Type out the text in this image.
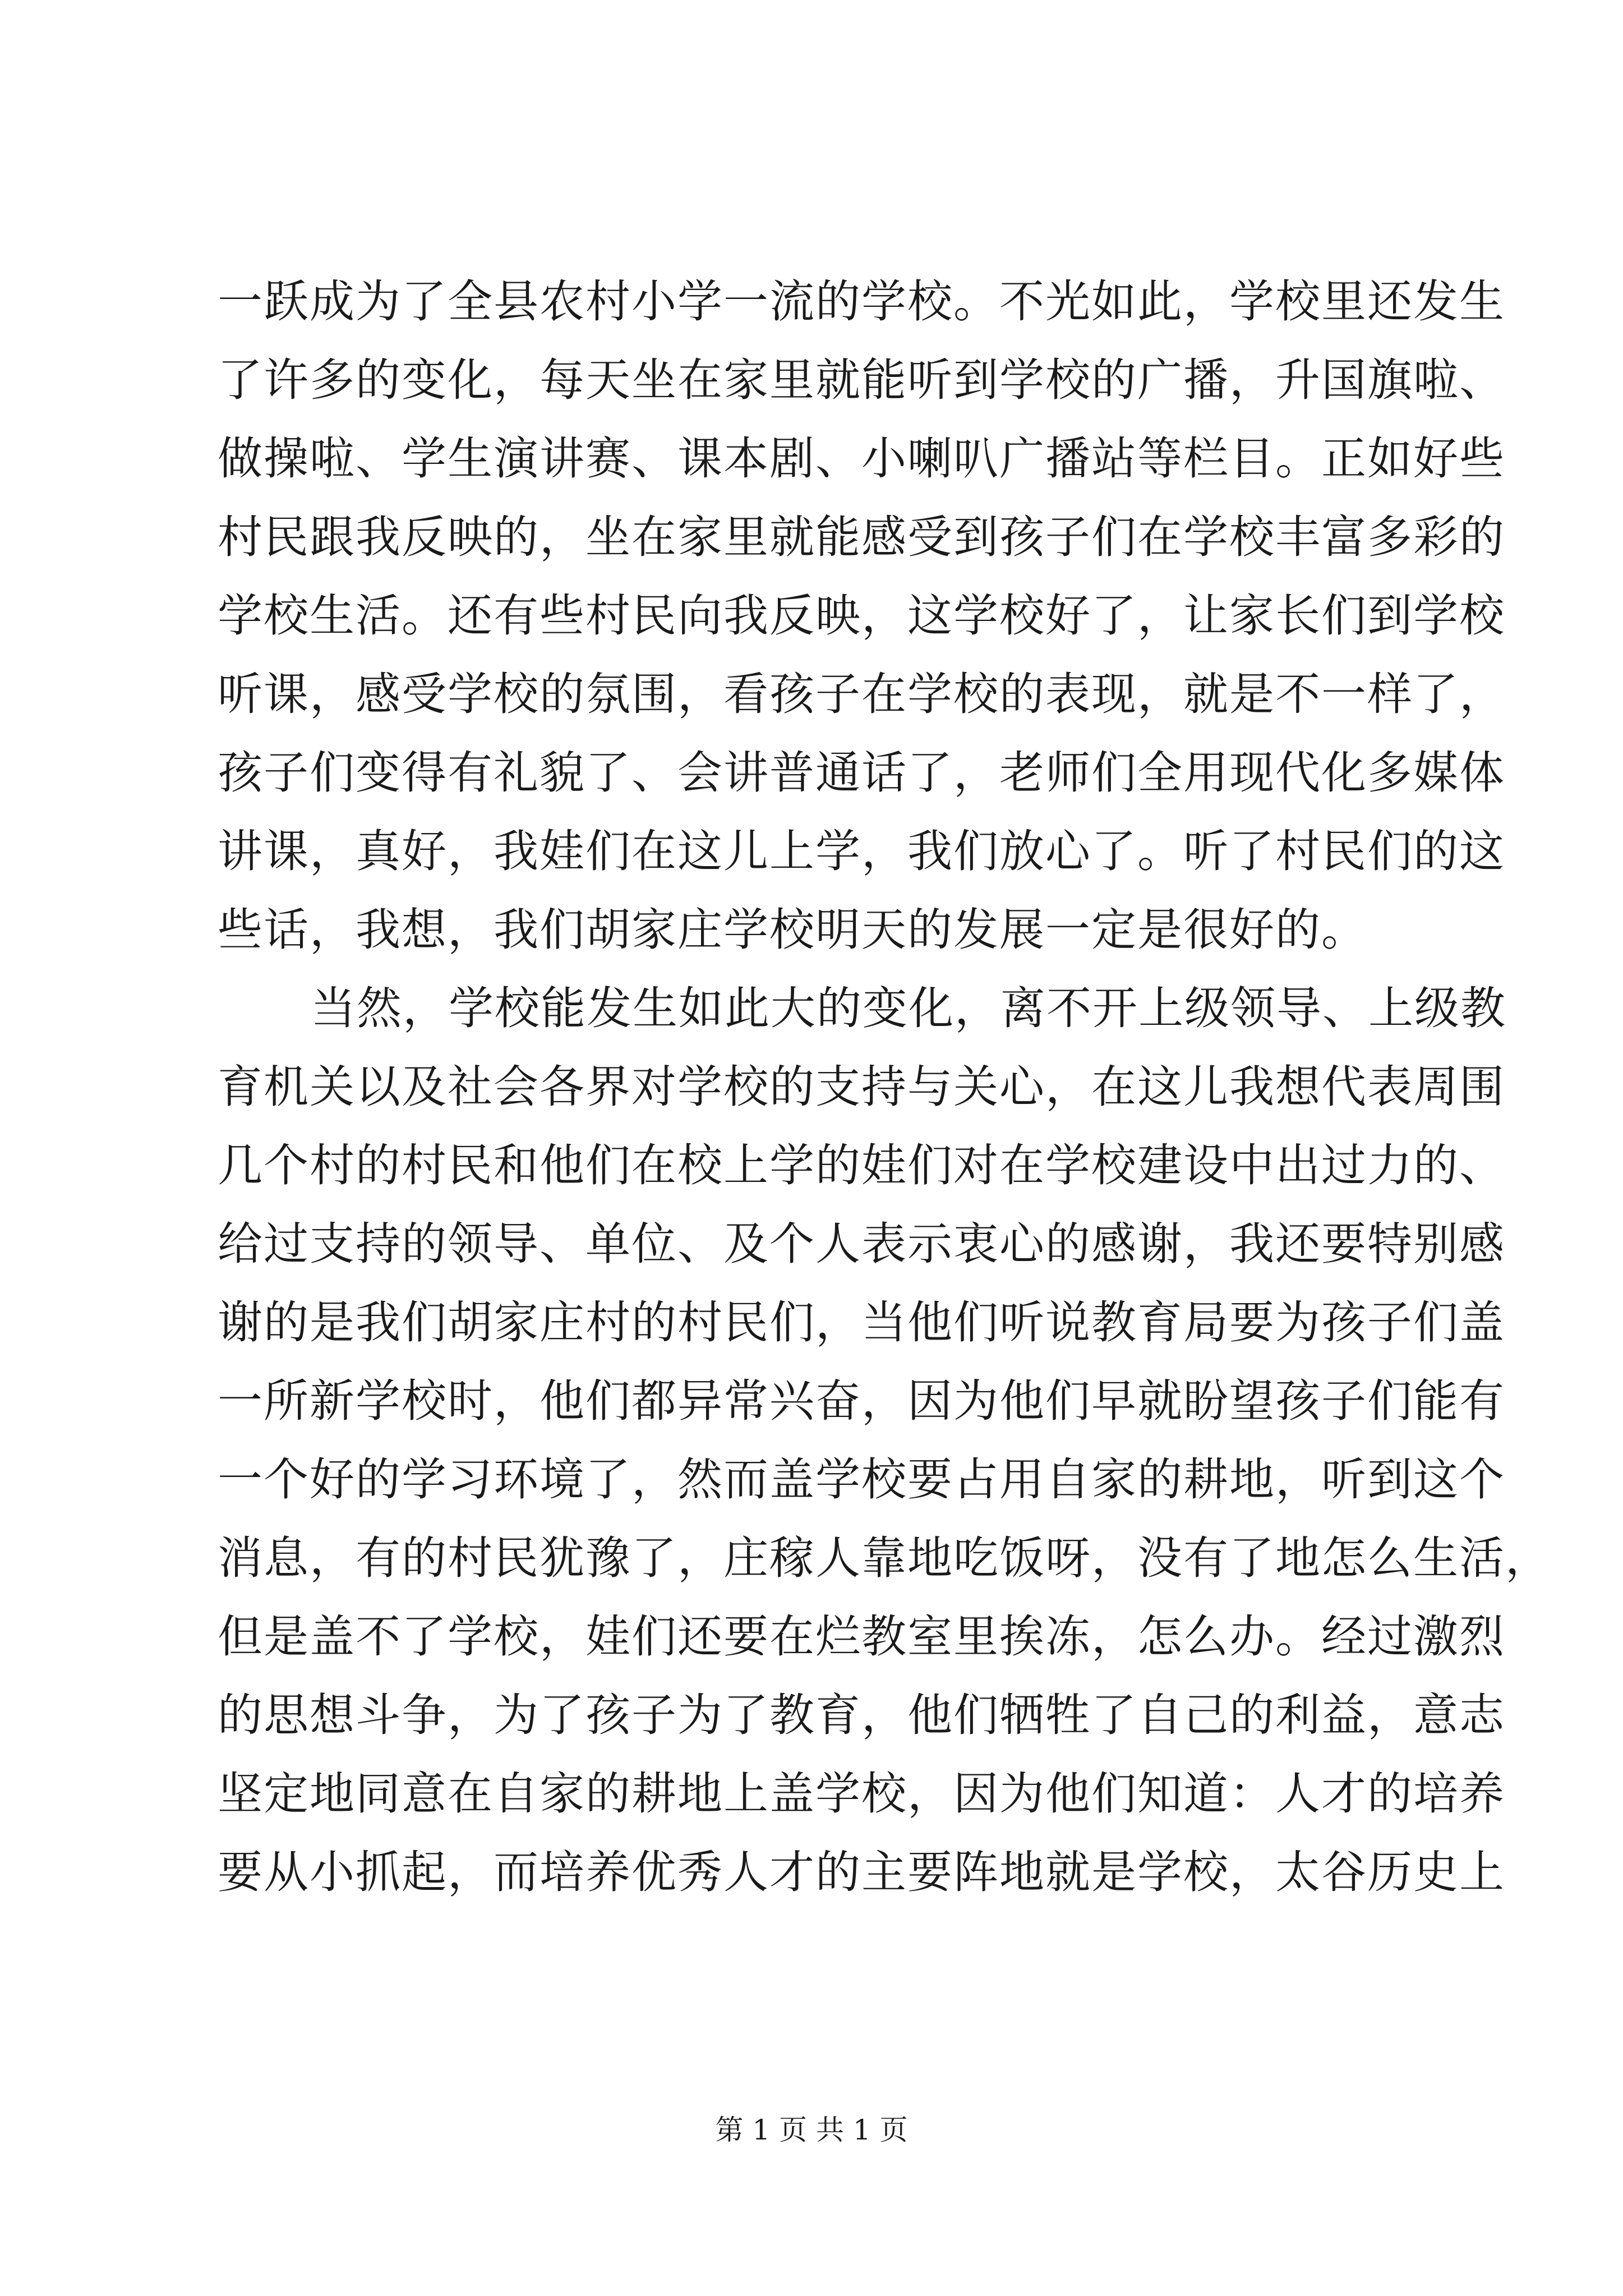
一跃成为了全县农村小学一流的学校。不光如此，学校里还发生
了许多的变化，每天坐在家里就能听到学校的广播，升国旗啦、
做操啦、学生演讲赛、课本剧、小喇叭广播站等栏目。正如好些
村民跟我反映的，坐在家里就能感受到孩子们在学校丰富多彩的
学校生活。还有些村民向我反映，这学校好了，让家长们到学校
听课，感受学校的氛围，看孩子在学校的表现，就是不一样了，
孩子们变得有礼貌了、会讲普通话了，老师们全用现代化多媒体
讲课，真好，我娃们在这儿上学，我们放心了。听了村民们的这
些话，我想，我们胡家庄学校明天的发展一定是很好的。
当然，学校能发生如此大的变化，离不开上级领导、上级教
育机关以及社会各界对学校的支持与关心，在这儿我想代表周围
几个村的村民和他们在校上学的娃们对在学校建设中出过力的、
给过支持的领导、单位、及个人表示衷心的感谢，我还要特别感
谢的是我们胡家庄村的村民们，当他们听说教育局要为孩子们盖
一所新学校时，他们都异常兴奋，因为他们早就盼望孩子们能有
一个好的学习环境了，然而盖学校要占用自家的耕地，听到这个
消息，有的村民犹豫了，庄稼人靠地吃饭呀，没有了地怎么生活，
但是盖不了学校，娃们还要在烂教室里挨冻，怎么办。经过激烈
的思想斗争，为了孩子为了教育，他们牺牲了自己的利益，意志
坚定地同意在自家的耕地上盖学校，因为他们知道：人才的培养
要从小抓起，而培养优秀人才的主要阵地就是学校，太谷历史上
第 1 页 共 1 页
